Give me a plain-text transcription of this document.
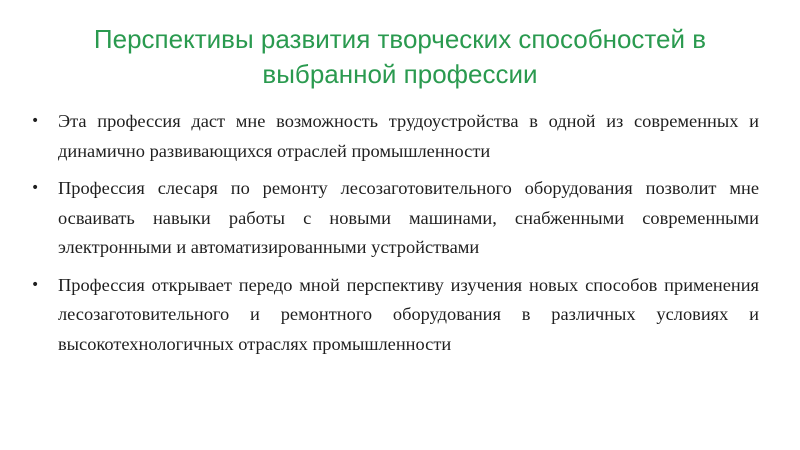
Перспективы развития творческих способностей в выбранной профессии
• Эта профессия даст мне возможность трудоустройства в одной из современных и динамично развивающихся отраслей промышленности
• Профессия слесаря по ремонту лесозаготовительного оборудования позволит мне осваивать навыки работы с новыми машинами, снабженными современными электронными и автоматизированными устройствами
• Профессия открывает передо мной перспективу изучения новых способов применения лесозаготовительного и ремонтного оборудования в различных условиях и высокотехнологичных отраслях промышленности
